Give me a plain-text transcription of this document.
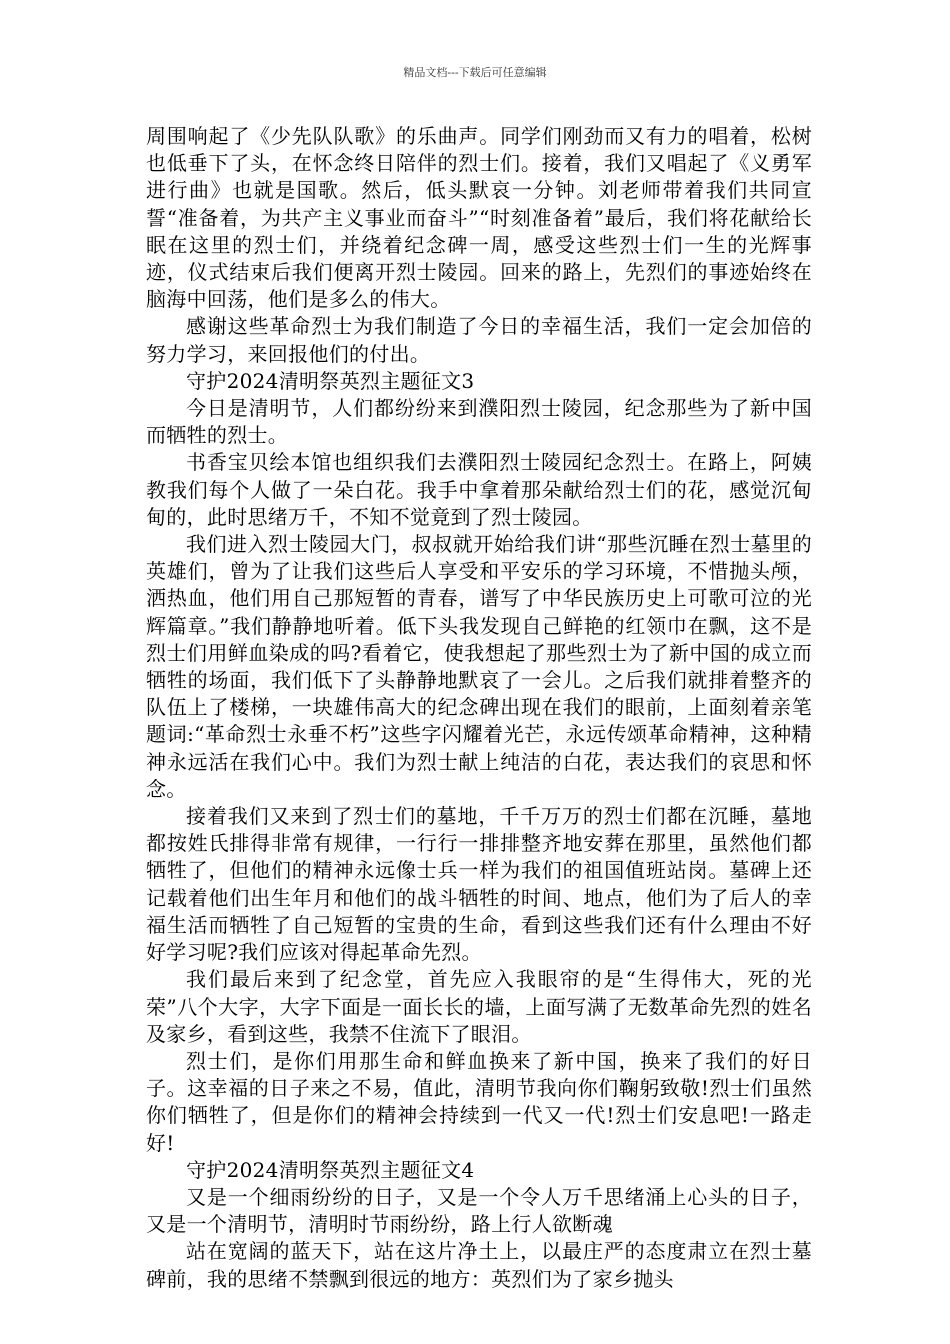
精品文档---下载后可任意编辑

周围响起了《少先队队歌》的乐曲声。同学们刚劲而又有力的唱着，松树也低垂下了头，在怀念终日陪伴的烈士们。接着，我们又唱起了《义勇军进行曲》也就是国歌。然后，低头默哀一分钟。刘老师带着我们共同宣誓“准备着，为共产主义事业而奋斗”“时刻准备着”最后，我们将花献给长眠在这里的烈士们，并绕着纪念碑一周，感受这些烈士们一生的光辉事迹，仪式结束后我们便离开烈士陵园。回来的路上，先烈们的事迹始终在脑海中回荡，他们是多么的伟大。

感谢这些革命烈士为我们制造了今日的幸福生活，我们一定会加倍的努力学习，来回报他们的付出。

守护2024清明祭英烈主题征文3

今日是清明节，人们都纷纷来到濮阳烈士陵园，纪念那些为了新中国而牺牲的烈士。

书香宝贝绘本馆也组织我们去濮阳烈士陵园纪念烈士。在路上，阿姨教我们每个人做了一朵白花。我手中拿着那朵献给烈士们的花，感觉沉甸甸的，此时思绪万千，不知不觉竟到了烈士陵园。

我们进入烈士陵园大门，叔叔就开始给我们讲“那些沉睡在烈士墓里的英雄们，曾为了让我们这些后人享受和平安乐的学习环境，不惜抛头颅，洒热血，他们用自己那短暂的青春，谱写了中华民族历史上可歌可泣的光辉篇章。”我们静静地听着。低下头我发现自己鲜艳的红领巾在飘，这不是烈士们用鲜血染成的吗?看着它，使我想起了那些烈士为了新中国的成立而牺牲的场面，我们低下了头静静地默哀了一会儿。之后我们就排着整齐的队伍上了楼梯，一块雄伟高大的纪念碑出现在我们的眼前，上面刻着亲笔题词:“革命烈士永垂不朽”这些字闪耀着光芒，永远传颂革命精神，这种精神永远活在我们心中。我们为烈士献上纯洁的白花，表达我们的哀思和怀念。

接着我们又来到了烈士们的墓地，千千万万的烈士们都在沉睡，墓地都按姓氏排得非常有规律，一行行一排排整齐地安葬在那里，虽然他们都牺牲了，但他们的精神永远像士兵一样为我们的祖国值班站岗。墓碑上还记载着他们出生年月和他们的战斗牺牲的时间、地点，他们为了后人的幸福生活而牺牲了自己短暂的宝贵的生命，看到这些我们还有什么理由不好好学习呢?我们应该对得起革命先烈。

我们最后来到了纪念堂，首先应入我眼帘的是“生得伟大，死的光荣”八个大字，大字下面是一面长长的墙，上面写满了无数革命先烈的姓名及家乡，看到这些，我禁不住流下了眼泪。

烈士们，是你们用那生命和鲜血换来了新中国，换来了我们的好日子。这幸福的日子来之不易，值此，清明节我向你们鞠躬致敬!烈士们虽然你们牺牲了，但是你们的精神会持续到一代又一代!烈士们安息吧!一路走好!

守护2024清明祭英烈主题征文4

又是一个细雨纷纷的日子，又是一个令人万千思绪涌上心头的日子，又是一个清明节，清明时节雨纷纷，路上行人欲断魂

站在宽阔的蓝天下，站在这片净土上，以最庄严的态度肃立在烈士墓碑前，我的思绪不禁飘到很远的地方：英烈们为了家乡抛头
